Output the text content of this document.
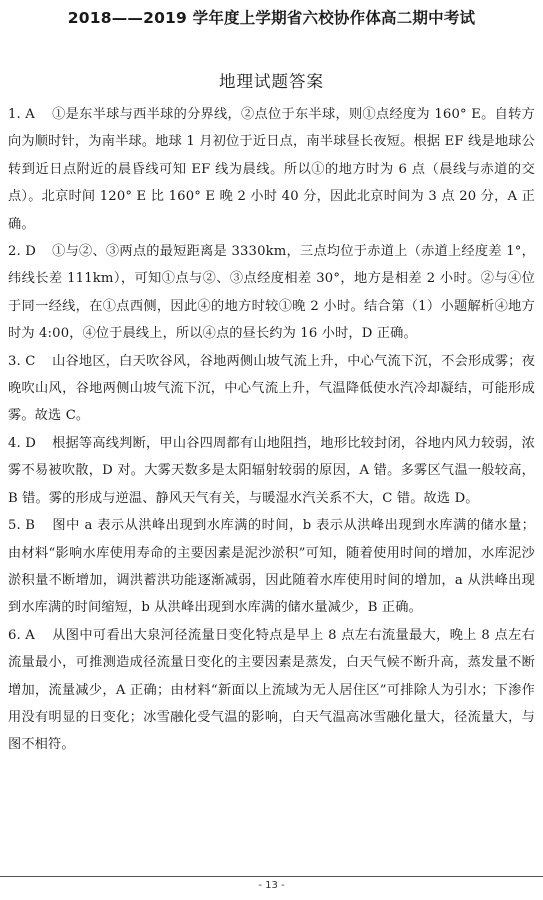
2018——2019 学年度上学期省六校协作体高二期中考试
地理试题答案

1. A ①是东半球与西半球的分界线，②点位于东半球，则①点经度为 160° E。自转方向为顺时针，为南半球。地球 1 月初位于近日点，南半球昼长夜短。根据 EF 线是地球公转到近日点附近的晨昏线可知 EF 线为晨线。所以①的地方时为 6 点（晨线与赤道的交点）。北京时间 120° E 比 160° E 晚 2 小时 40 分，因此北京时间为 3 点 20 分，A 正确。

2. D ①与②、③两点的最短距离是 3330km，三点均位于赤道上（赤道上经度差 1°，纬线长差 111km），可知①点与②、③点经度相差 30°，地方是相差 2 小时。②与④位于同一经线，在①点西侧，因此④的地方时较①晚 2 小时。结合第（1）小题解析④地方时为 4:00，④位于晨线上，所以④点的昼长约为 16 小时，D 正确。

3. C 山谷地区，白天吹谷风，谷地两侧山坡气流上升，中心气流下沉，不会形成雾；夜晚吹山风，谷地两侧山坡气流下沉，中心气流上升，气温降低使水汽冷却凝结，可能形成雾。故选 C。

4. D 根据等高线判断，甲山谷四周都有山地阻挡，地形比较封闭，谷地内风力较弱，浓雾不易被吹散，D 对。大雾天数多是太阳辐射较弱的原因，A 错。多雾区气温一般较高，B 错。雾的形成与逆温、静风天气有关，与暖湿水汽关系不大，C 错。故选 D。

5. B 图中 a 表示从洪峰出现到水库满的时间，b 表示从洪峰出现到水库满的储水量；由材料“影响水库使用寿命的主要因素是泥沙淤积”可知，随着使用时间的增加，水库泥沙淤积量不断增加，调洪蓄洪功能逐渐减弱，因此随着水库使用时间的增加，a 从洪峰出现到水库满的时间缩短，b 从洪峰出现到水库满的储水量减少，B 正确。

6. A 从图中可看出大泉河径流量日变化特点是早上 8 点左右流量最大，晚上 8 点左右流量最小，可推测造成径流量日变化的主要因素是蒸发，白天气候不断升高，蒸发量不断增加，流量减少，A 正确；由材料“新面以上流域为无人居住区”可排除人为引水；下渗作用没有明显的日变化；冰雪融化受气温的影响，白天气温高冰雪融化量大，径流量大，与图不相符。

- 13 -
